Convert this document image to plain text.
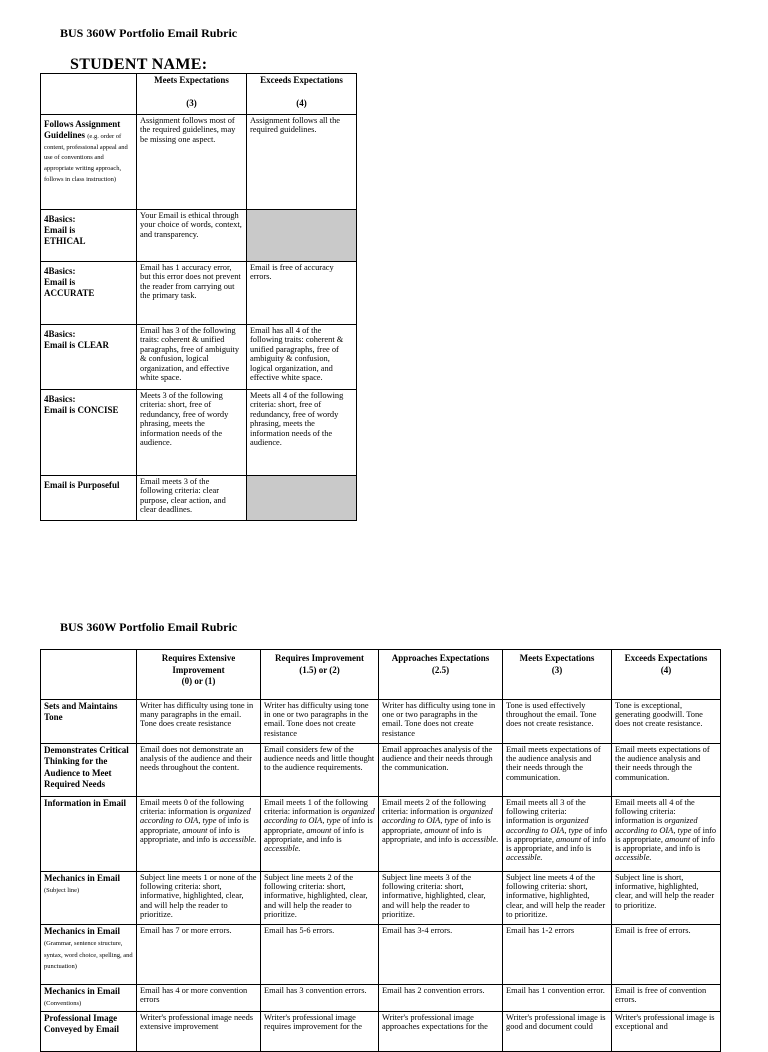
BUS 360W Portfolio Email Rubric
STUDENT NAME:

	Meets Expectations

(3)	Exceeds Expectations

(4)

Follows Assignment Guidelines (e.g. order of content, professional appeal and use of conventions and appropriate writing approach, follows in class instruction)	Assignment follows most of the required guidelines, may be missing one aspect.	Assignment follows all the required guidelines.

4Basics:
Email is
ETHICAL	Your Email is ethical through your choice of words, context, and transparency.	

4Basics:
Email is
ACCURATE	Email has 1 accuracy error, but this error does not prevent the reader from carrying out the primary task.	Email is free of accuracy errors.

4Basics:
Email is CLEAR	Email has 3 of the following traits: coherent & unified paragraphs, free of ambiguity & confusion, logical organization, and effective white space.	Email has all 4 of the following traits: coherent & unified paragraphs, free of ambiguity & confusion, logical organization, and effective white space.

4Basics:
Email is CONCISE	Meets 3 of the following criteria: short, free of redundancy, free of wordy phrasing, meets the information needs of the audience.	Meets all 4 of the following criteria: short, free of redundancy, free of wordy phrasing, meets the information needs of the audience.

Email is Purposeful	Email meets 3 of the following criteria: clear purpose, clear action, and clear deadlines.	
BUS 360W Portfolio Email Rubric

	Requires Extensive Improvement
(0) or (1)	Requires Improvement
(1.5) or (2)	Approaches Expectations
(2.5)	Meets Expectations
(3)	Exceeds Expectations
(4)

Sets and Maintains Tone	Writer has difficulty using tone in many paragraphs in the email. Tone does create resistance	Writer has difficulty using tone in one or two paragraphs in the email. Tone does not create resistance	Writer has difficulty using tone in one or two paragraphs in the email. Tone does not create resistance	Tone is used effectively throughout the email. Tone does not create resistance.	Tone is exceptional, generating goodwill. Tone does not create resistance.
Demonstrates Critical Thinking for the Audience to Meet Required Needs	Email does not demonstrate an analysis of the audience and their needs throughout the content.	Email considers few of the audience needs and little thought to the audience requirements.	Email approaches analysis of the audience and their needs through the communication.	Email meets expectations of the audience analysis and their needs through the communication.	Email meets expectations of the audience analysis and their needs through the communication.
Information in Email	Email meets 0 of the following criteria: information is organized according to OIA, type of info is appropriate, amount of info is appropriate, and info is accessible.	Email meets 1 of the following criteria: information is organized according to OIA, type of info is appropriate, amount of info is appropriate, and info is accessible.	Email meets 2 of the following criteria: information is organized according to OIA, type of info is appropriate, amount of info is appropriate, and info is accessible.	Email meets all 3 of the following criteria: information is organized according to OIA, type of info is appropriate, amount of info is appropriate, and info is accessible.	Email meets all 4 of the following criteria: information is organized according to OIA, type of info is appropriate, amount of info is appropriate, and info is accessible.

Mechanics in Email
(Subject line)	Subject line meets 1 or none of the following criteria: short, informative, highlighted, clear, and will help the reader to prioritize.	Subject line meets 2 of the following criteria: short, informative, highlighted, clear, and will help the reader to prioritize.	Subject line meets 3 of the following criteria: short, informative, highlighted, clear, and will help the reader to prioritize.	Subject line meets 4 of the following criteria: short, informative, highlighted, clear, and will help the reader to prioritize.	Subject line is short, informative, highlighted, clear, and will help the reader to prioritize.
Mechanics in Email (Grammar, sentence structure, syntax, word choice, spelling, and punctuation)	Email has 7 or more errors.	Email has 5-6 errors.	Email has 3-4 errors.	Email has 1-2 errors	Email is free of errors.

Mechanics in Email
(Conventions)	Email has 4 or more convention errors	Email has 3 convention errors.	Email has 2 convention errors.	Email has 1 convention error.	Email is free of convention errors.
Professional Image Conveyed by Email	Writer's professional image needs extensive improvement	Writer's professional image requires improvement for the	Writer's professional image approaches expectations for the	Writer's professional image is good and document could	Writer's professional image is exceptional and
